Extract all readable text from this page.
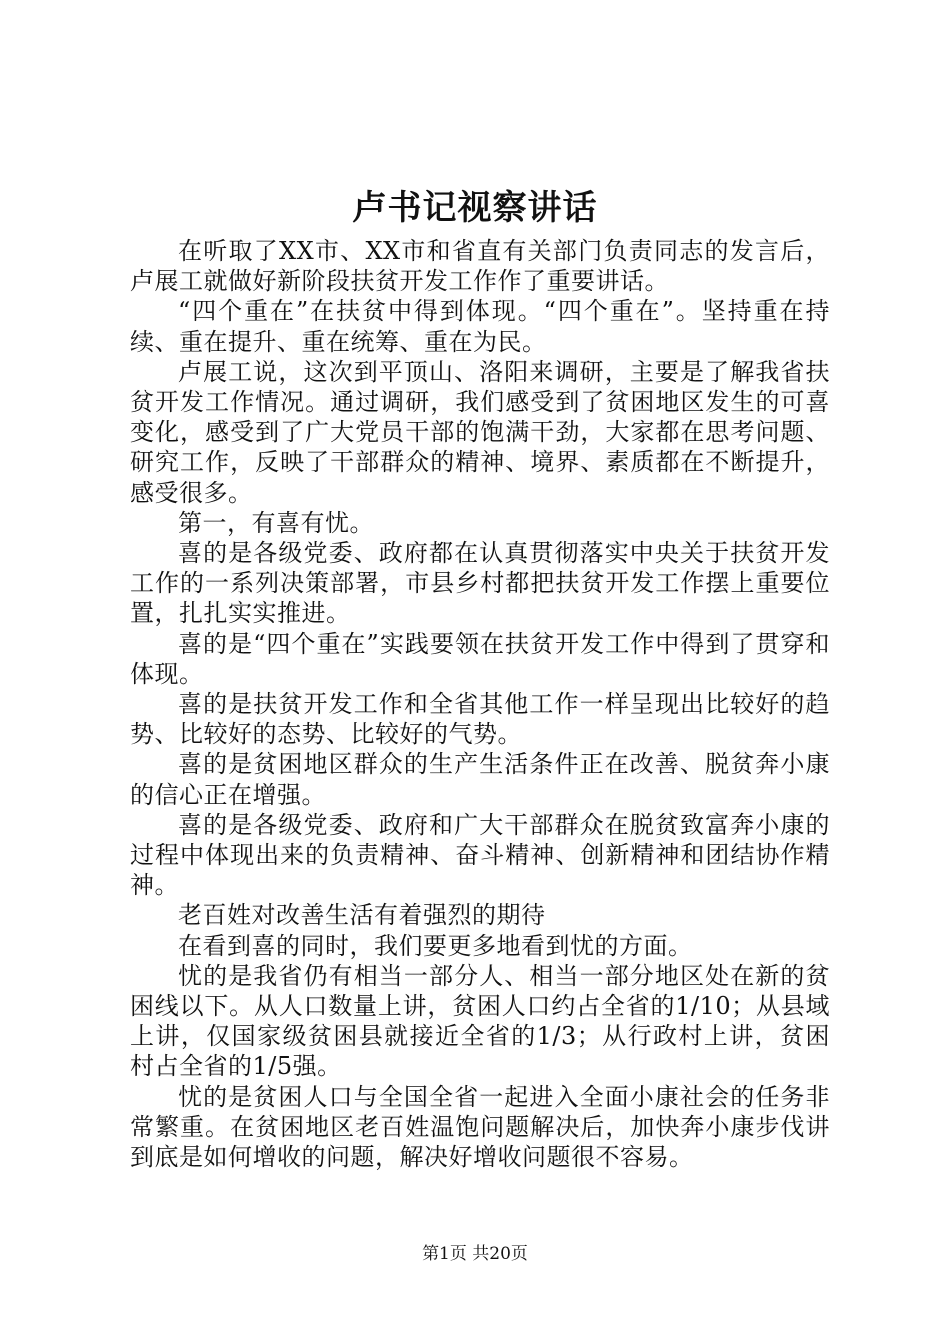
卢书记视察讲话

在听取了XX市、XX市和省直有关部门负责同志的发言后，卢展工就做好新阶段扶贫开发工作作了重要讲话。

“四个重在”在扶贫中得到体现。“四个重在”。坚持重在持续、重在提升、重在统筹、重在为民。

卢展工说，这次到平顶山、洛阳来调研，主要是了解我省扶贫开发工作情况。通过调研，我们感受到了贫困地区发生的可喜变化，感受到了广大党员干部的饱满干劲，大家都在思考问题、研究工作，反映了干部群众的精神、境界、素质都在不断提升，感受很多。

第一，有喜有忧。

喜的是各级党委、政府都在认真贯彻落实中央关于扶贫开发工作的一系列决策部署，市县乡村都把扶贫开发工作摆上重要位置，扎扎实实推进。

喜的是“四个重在”实践要领在扶贫开发工作中得到了贯穿和体现。

喜的是扶贫开发工作和全省其他工作一样呈现出比较好的趋势、比较好的态势、比较好的气势。

喜的是贫困地区群众的生产生活条件正在改善、脱贫奔小康的信心正在增强。

喜的是各级党委、政府和广大干部群众在脱贫致富奔小康的过程中体现出来的负责精神、奋斗精神、创新精神和团结协作精神。

老百姓对改善生活有着强烈的期待

在看到喜的同时，我们要更多地看到忧的方面。

忧的是我省仍有相当一部分人、相当一部分地区处在新的贫困线以下。从人口数量上讲，贫困人口约占全省的1/10；从县域上讲，仅国家级贫困县就接近全省的1/3；从行政村上讲，贫困村占全省的1/5强。

忧的是贫困人口与全国全省一起进入全面小康社会的任务非常繁重。在贫困地区老百姓温饱问题解决后，加快奔小康步伐讲到底是如何增收的问题，解决好增收问题很不容易。

第1页 共20页
